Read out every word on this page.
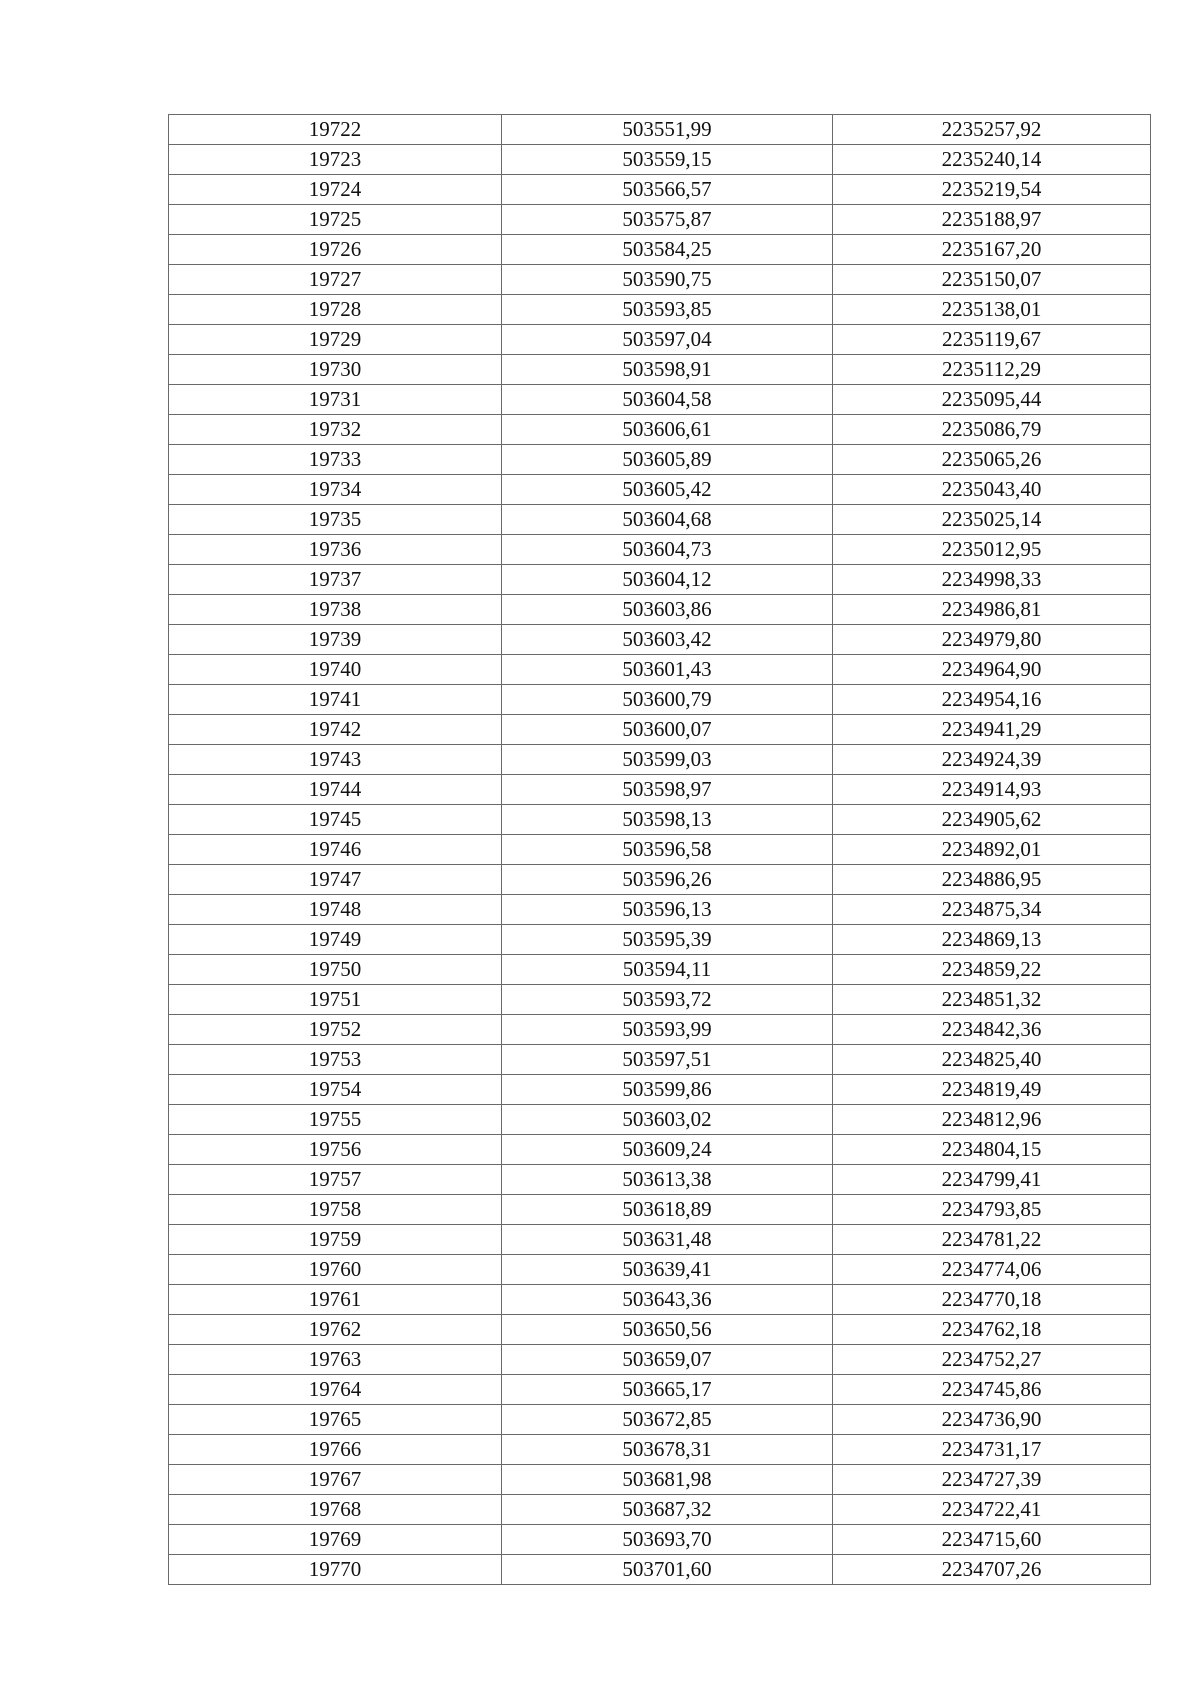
19722	503551,99	2235257,92
19723	503559,15	2235240,14
19724	503566,57	2235219,54
19725	503575,87	2235188,97
19726	503584,25	2235167,20
19727	503590,75	2235150,07
19728	503593,85	2235138,01
19729	503597,04	2235119,67
19730	503598,91	2235112,29
19731	503604,58	2235095,44
19732	503606,61	2235086,79
19733	503605,89	2235065,26
19734	503605,42	2235043,40
19735	503604,68	2235025,14
19736	503604,73	2235012,95
19737	503604,12	2234998,33
19738	503603,86	2234986,81
19739	503603,42	2234979,80
19740	503601,43	2234964,90
19741	503600,79	2234954,16
19742	503600,07	2234941,29
19743	503599,03	2234924,39
19744	503598,97	2234914,93
19745	503598,13	2234905,62
19746	503596,58	2234892,01
19747	503596,26	2234886,95
19748	503596,13	2234875,34
19749	503595,39	2234869,13
19750	503594,11	2234859,22
19751	503593,72	2234851,32
19752	503593,99	2234842,36
19753	503597,51	2234825,40
19754	503599,86	2234819,49
19755	503603,02	2234812,96
19756	503609,24	2234804,15
19757	503613,38	2234799,41
19758	503618,89	2234793,85
19759	503631,48	2234781,22
19760	503639,41	2234774,06
19761	503643,36	2234770,18
19762	503650,56	2234762,18
19763	503659,07	2234752,27
19764	503665,17	2234745,86
19765	503672,85	2234736,90
19766	503678,31	2234731,17
19767	503681,98	2234727,39
19768	503687,32	2234722,41
19769	503693,70	2234715,60
19770	503701,60	2234707,26
